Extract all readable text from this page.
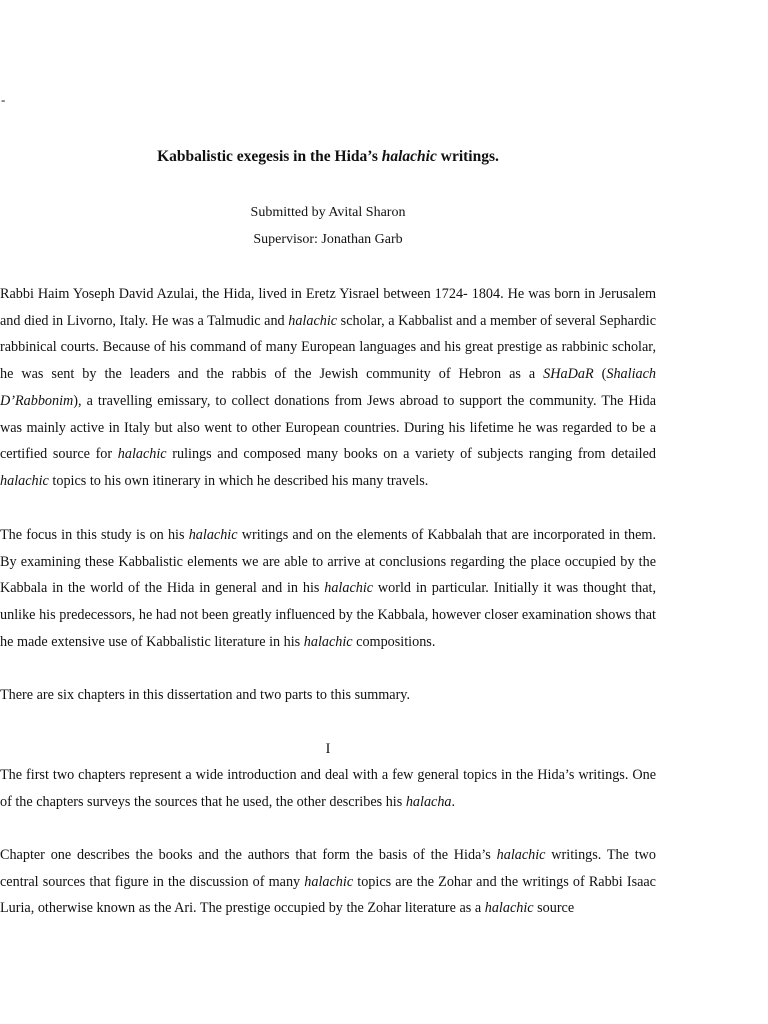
-
Kabbalistic exegesis in the Hida’s halachic writings.

Submitted by Avital Sharon

Supervisor: Jonathan Garb

Rabbi Haim Yoseph David Azulai, the Hida, lived in Eretz Yisrael between 1724- 1804. He was born in Jerusalem and died in Livorno, Italy. He was a Talmudic and halachic scholar, a Kabbalist and a member of several Sephardic rabbinical courts. Because of his command of many European languages and his great prestige as rabbinic scholar, he was sent by the leaders and the rabbis of the Jewish community of Hebron as a SHaDaR (Shaliach D’Rabbonim), a travelling emissary, to collect donations from Jews abroad to support the community. The Hida was mainly active in Italy but also went to other European countries. During his lifetime he was regarded to be a certified source for halachic rulings and composed many books on a variety of subjects ranging from detailed halachic topics to his own itinerary in which he described his many travels.

The focus in this study is on his halachic writings and on the elements of Kabbalah that are incorporated in them. By examining these Kabbalistic elements we are able to arrive at conclusions regarding the place occupied by the Kabbala in the world of the Hida in general and in his halachic world in particular. Initially it was thought that, unlike his predecessors, he had not been greatly influenced by the Kabbala, however closer examination shows that he made extensive use of Kabbalistic literature in his halachic compositions.

There are six chapters in this dissertation and two parts to this summary.

I

The first two chapters represent a wide introduction and deal with a few general topics in the Hida’s writings. One of the chapters surveys the sources that he used, the other describes his halacha.

Chapter one describes the books and the authors that form the basis of the Hida’s halachic writings. The two central sources that figure in the discussion of many halachic topics are the Zohar and the writings of Rabbi Isaac Luria, otherwise known as the Ari. The prestige occupied by the Zohar literature as a halachic source
